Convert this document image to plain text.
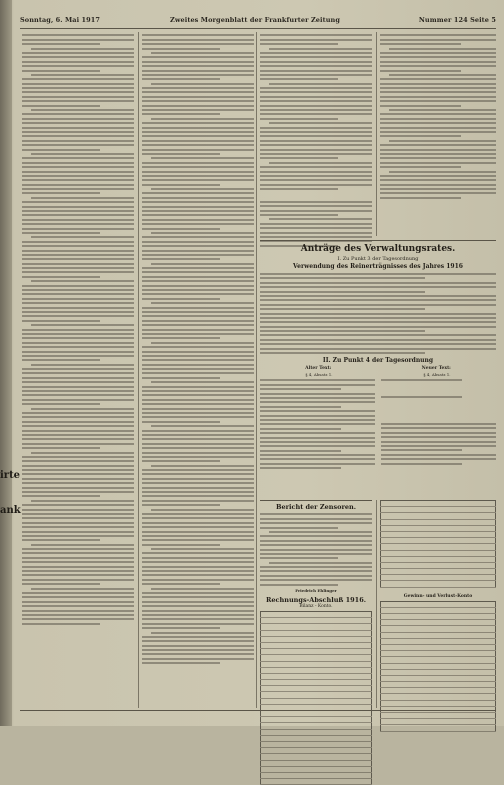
Sonntag, 6. Mai 1917	Zweites Morgenblatt der Frankfurter Zeitung	Nummer 124 Seite 5
irte
ank
Anträge des Verwaltungsrates.
I. Zu Punkt 3 der Tagesordnung
Verwendung des Reinerträgnisses des Jahres 1916
II. Zu Punkt 4 der Tagesordnung
Alter Text:	Neuer Text:
§ 4, Absatz 1.	§ 4, Absatz 1.
Bericht der Zensoren.
Friedrich Ehlinger
Rechnungs-Abschluß 1916.
Bilanz - Konto.

Gewinn- und Verlust-Konto
